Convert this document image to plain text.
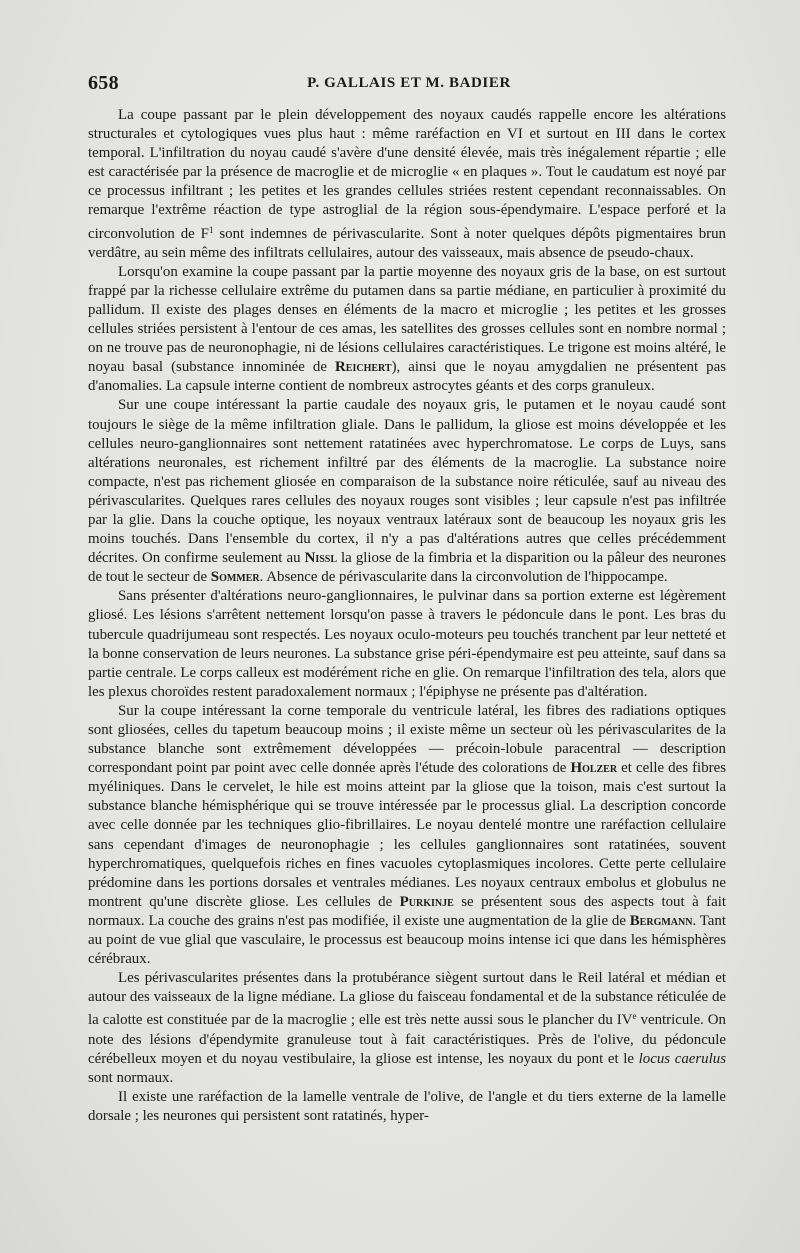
658	P. GALLAIS ET M. BADIER

La coupe passant par le plein développement des noyaux caudés rappelle encore les altérations structurales et cytologiques vues plus haut : même raréfaction en VI et surtout en III dans le cortex temporal. L'infiltration du noyau caudé s'avère d'une densité élevée, mais très inégalement répartie ; elle est caractérisée par la présence de macroglie et de microglie « en plaques ». Tout le caudatum est noyé par ce processus infiltrant ; les petites et les grandes cellules striées restent cependant reconnaissables. On remarque l'extrême réaction de type astroglial de la région sous-épendymaire. L'espace perforé et la circonvolution de $F^1$ sont indemnes de périvascularite. Sont à noter quelques dépôts pigmentaires brun verdâtre, au sein même des infiltrats cellulaires, autour des vaisseaux, mais absence de pseudo-chaux.

Lorsqu'on examine la coupe passant par la partie moyenne des noyaux gris de la base, on est surtout frappé par la richesse cellulaire extrême du putamen dans sa partie médiane, en particulier à proximité du pallidum. Il existe des plages denses en éléments de la macro et microglie ; les petites et les grosses cellules striées persistent à l'entour de ces amas, les satellites des grosses cellules sont en nombre normal ; on ne trouve pas de neuronophagie, ni de lésions cellulaires caractéristiques. Le trigone est moins altéré, le noyau basal (substance innominée de Reichert), ainsi que le noyau amygdalien ne présentent pas d'anomalies. La capsule interne contient de nombreux astrocytes géants et des corps granuleux.

Sur une coupe intéressant la partie caudale des noyaux gris, le putamen et le noyau caudé sont toujours le siège de la même infiltration gliale. Dans le pallidum, la gliose est moins développée et les cellules neuro-ganglionnaires sont nettement ratatinées avec hyperchromatose. Le corps de Luys, sans altérations neuronales, est richement infiltré par des éléments de la macroglie. La substance noire compacte, n'est pas richement gliosée en comparaison de la substance noire réticulée, sauf au niveau des périvascularites. Quelques rares cellules des noyaux rouges sont visibles ; leur capsule n'est pas infiltrée par la glie. Dans la couche optique, les noyaux ventraux latéraux sont de beaucoup les noyaux gris les moins touchés. Dans l'ensemble du cortex, il n'y a pas d'altérations autres que celles précédemment décrites. On confirme seulement au Nissl la gliose de la fimbria et la disparition ou la pâleur des neurones de tout le secteur de Sommer. Absence de périvascularite dans la circonvolution de l'hippocampe.

Sans présenter d'altérations neuro-ganglionnaires, le pulvinar dans sa portion externe est légèrement gliosé. Les lésions s'arrêtent nettement lorsqu'on passe à travers le pédoncule dans le pont. Les bras du tubercule quadrijumeau sont respectés. Les noyaux oculo-moteurs peu touchés tranchent par leur netteté et la bonne conservation de leurs neurones. La substance grise péri-épendymaire est peu atteinte, sauf dans sa partie centrale. Le corps calleux est modérément riche en glie. On remarque l'infiltration des tela, alors que les plexus choroïdes restent paradoxalement normaux ; l'épiphyse ne présente pas d'altération.

Sur la coupe intéressant la corne temporale du ventricule latéral, les fibres des radiations optiques sont gliosées, celles du tapetum beaucoup moins ; il existe même un secteur où les périvascularites de la substance blanche sont extrêmement développées — précoin-lobule paracentral — description correspondant point par point avec celle donnée après l'étude des colorations de Holzer et celle des fibres myéliniques. Dans le cervelet, le hile est moins atteint par la gliose que la toison, mais c'est surtout la substance blanche hémisphérique qui se trouve intéressée par le processus glial. La description concorde avec celle donnée par les techniques glio-fibrillaires. Le noyau dentelé montre une raréfaction cellulaire sans cependant d'images de neuronophagie ; les cellules ganglionnaires sont ratatinées, souvent hyperchromatiques, quelquefois riches en fines vacuoles cytoplasmiques incolores. Cette perte cellulaire prédomine dans les portions dorsales et ventrales médianes. Les noyaux centraux embolus et globulus ne montrent qu'une discrète gliose. Les cellules de Purkinje se présentent sous des aspects tout à fait normaux. La couche des grains n'est pas modifiée, il existe une augmentation de la glie de Bergmann. Tant au point de vue glial que vasculaire, le processus est beaucoup moins intense ici que dans les hémisphères cérébraux.

Les périvascularites présentes dans la protubérance siègent surtout dans le Reil latéral et médian et autour des vaisseaux de la ligne médiane. La gliose du faisceau fondamental et de la substance réticulée de la calotte est constituée par de la macroglie ; elle est très nette aussi sous le plancher du IVe ventricule. On note des lésions d'épendymite granuleuse tout à fait caractéristiques. Près de l'olive, du pédoncule cérébelleux moyen et du noyau vestibulaire, la gliose est intense, les noyaux du pont et le locus caerulus sont normaux.

Il existe une raréfaction de la lamelle ventrale de l'olive, de l'angle et du tiers externe de la lamelle dorsale ; les neurones qui persistent sont ratatinés, hyper-
